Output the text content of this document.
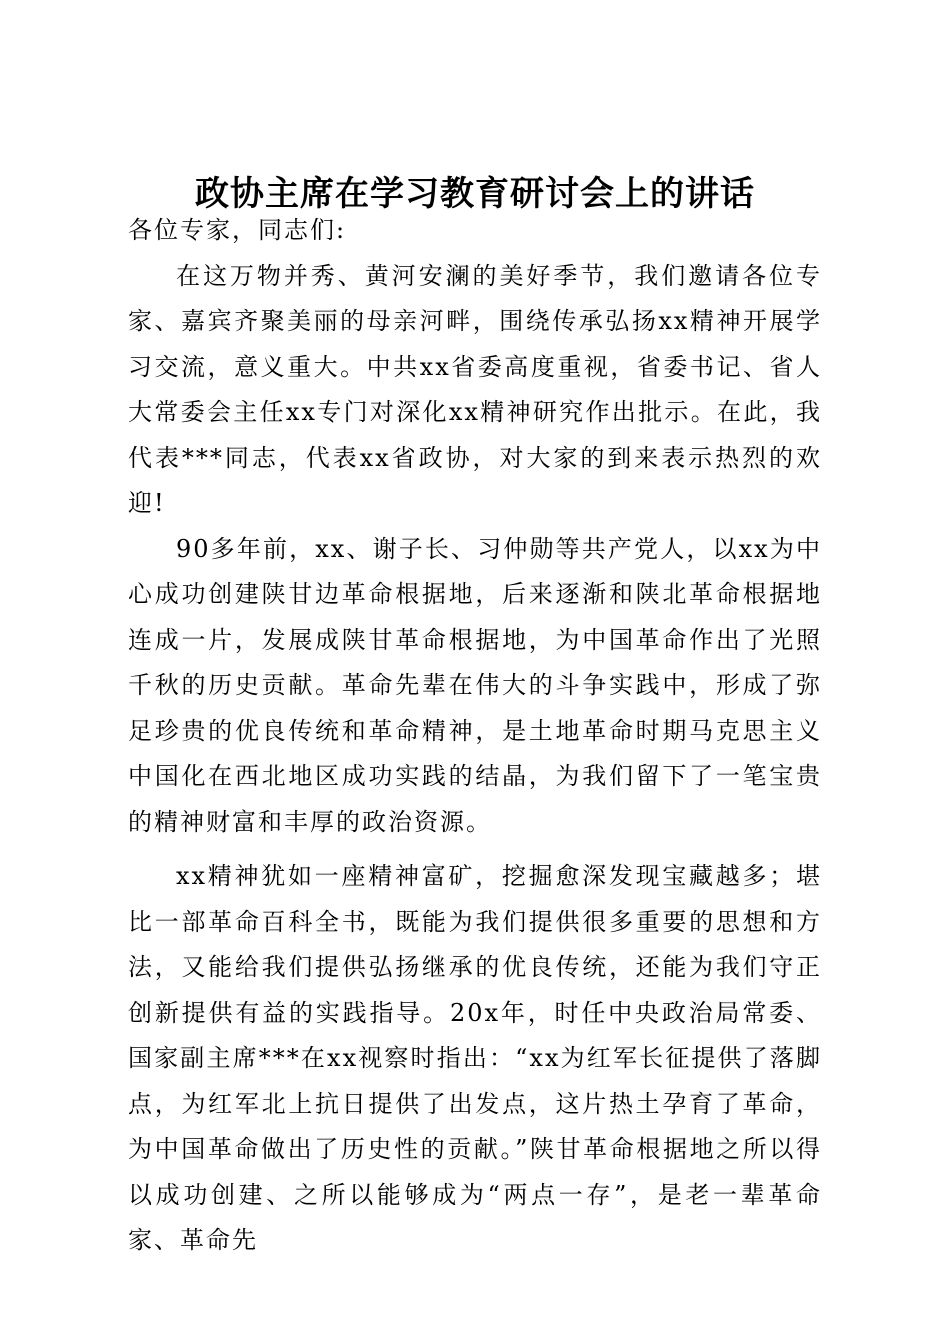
政协主席在学习教育研讨会上的讲话

各位专家，同志们:

在这万物并秀、黄河安澜的美好季节，我们邀请各位专家、嘉宾齐聚美丽的母亲河畔，围绕传承弘扬xx精神开展学习交流，意义重大。中共xx省委高度重视，省委书记、省人大常委会主任xx专门对深化xx精神研究作出批示。在此，我代表***同志，代表xx省政协，对大家的到来表示热烈的欢迎!

90多年前，xx、谢子长、习仲勋等共产党人，以xx为中心成功创建陕甘边革命根据地，后来逐渐和陕北革命根据地连成一片，发展成陕甘革命根据地，为中国革命作出了光照千秋的历史贡献。革命先辈在伟大的斗争实践中，形成了弥足珍贵的优良传统和革命精神，是土地革命时期马克思主义中国化在西北地区成功实践的结晶，为我们留下了一笔宝贵的精神财富和丰厚的政治资源。

xx精神犹如一座精神富矿，挖掘愈深发现宝藏越多；堪比一部革命百科全书，既能为我们提供很多重要的思想和方法，又能给我们提供弘扬继承的优良传统，还能为我们守正创新提供有益的实践指导。20x年，时任中央政治局常委、国家副主席***在xx视察时指出：“xx为红军长征提供了落脚点，为红军北上抗日提供了出发点，这片热土孕育了革命，为中国革命做出了历史性的贡献。”陕甘革命根据地之所以得以成功创建、之所以能够成为“两点一存”，是老一辈革命家、革命先
